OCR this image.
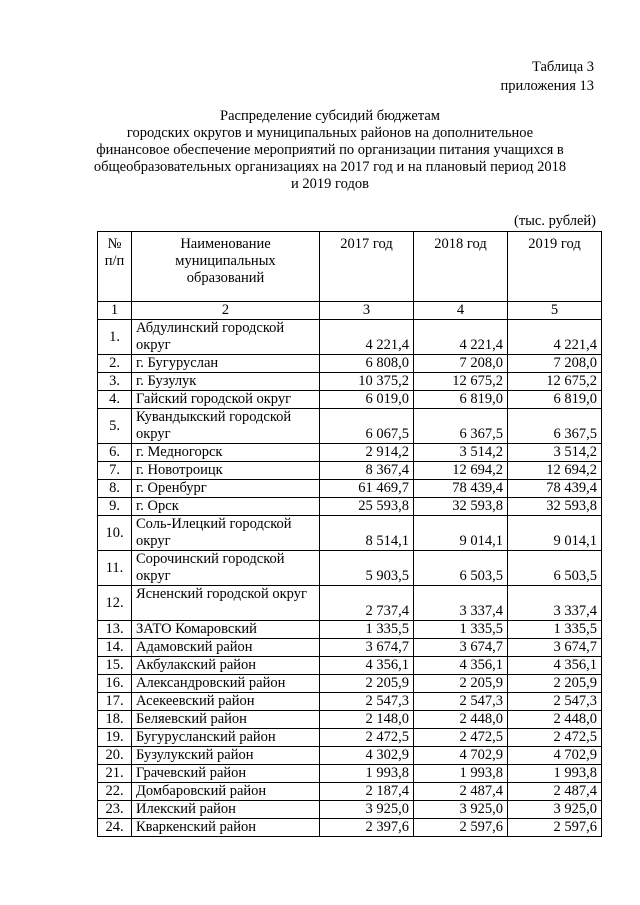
Таблица 3
приложения 13
Распределение субсидий бюджетам
городских округов и муниципальных районов на дополнительное
финансовое обеспечение мероприятий по организации питания учащихся в
общеобразовательных организациях на 2017 год и на плановый период 2018
и 2019 годов
(тыс. рублей)
№ п/п	Наименование муниципальных образований	2017 год	2018 год	2019 год
1	2	3	4	5
1.	Абдулинский городской округ	4 221,4	4 221,4	4 221,4
2.	г. Бугуруслан	6 808,0	7 208,0	7 208,0
3.	г. Бузулук	10 375,2	12 675,2	12 675,2
4.	Гайский городской округ	6 019,0	6 819,0	6 819,0
5.	Кувандыкский городской округ	6 067,5	6 367,5	6 367,5
6.	г. Медногорск	2 914,2	3 514,2	3 514,2
7.	г. Новотроицк	8 367,4	12 694,2	12 694,2
8.	г. Оренбург	61 469,7	78 439,4	78 439,4
9.	г. Орск	25 593,8	32 593,8	32 593,8
10.	Соль-Илецкий городской округ	8 514,1	9 014,1	9 014,1
11.	Сорочинский городской округ	5 903,5	6 503,5	6 503,5
12.	Ясненский городской округ	2 737,4	3 337,4	3 337,4
13.	ЗАТО Комаровский	1 335,5	1 335,5	1 335,5
14.	Адамовский район	3 674,7	3 674,7	3 674,7
15.	Акбулакский район	4 356,1	4 356,1	4 356,1
16.	Александровский район	2 205,9	2 205,9	2 205,9
17.	Асекеевский район	2 547,3	2 547,3	2 547,3
18.	Беляевский район	2 148,0	2 448,0	2 448,0
19.	Бугурусланский район	2 472,5	2 472,5	2 472,5
20.	Бузулукский район	4 302,9	4 702,9	4 702,9
21.	Грачевский район	1 993,8	1 993,8	1 993,8
22.	Домбаровский район	2 187,4	2 487,4	2 487,4
23.	Илекский район	3 925,0	3 925,0	3 925,0
24.	Кваркенский район	2 397,6	2 597,6	2 597,6
